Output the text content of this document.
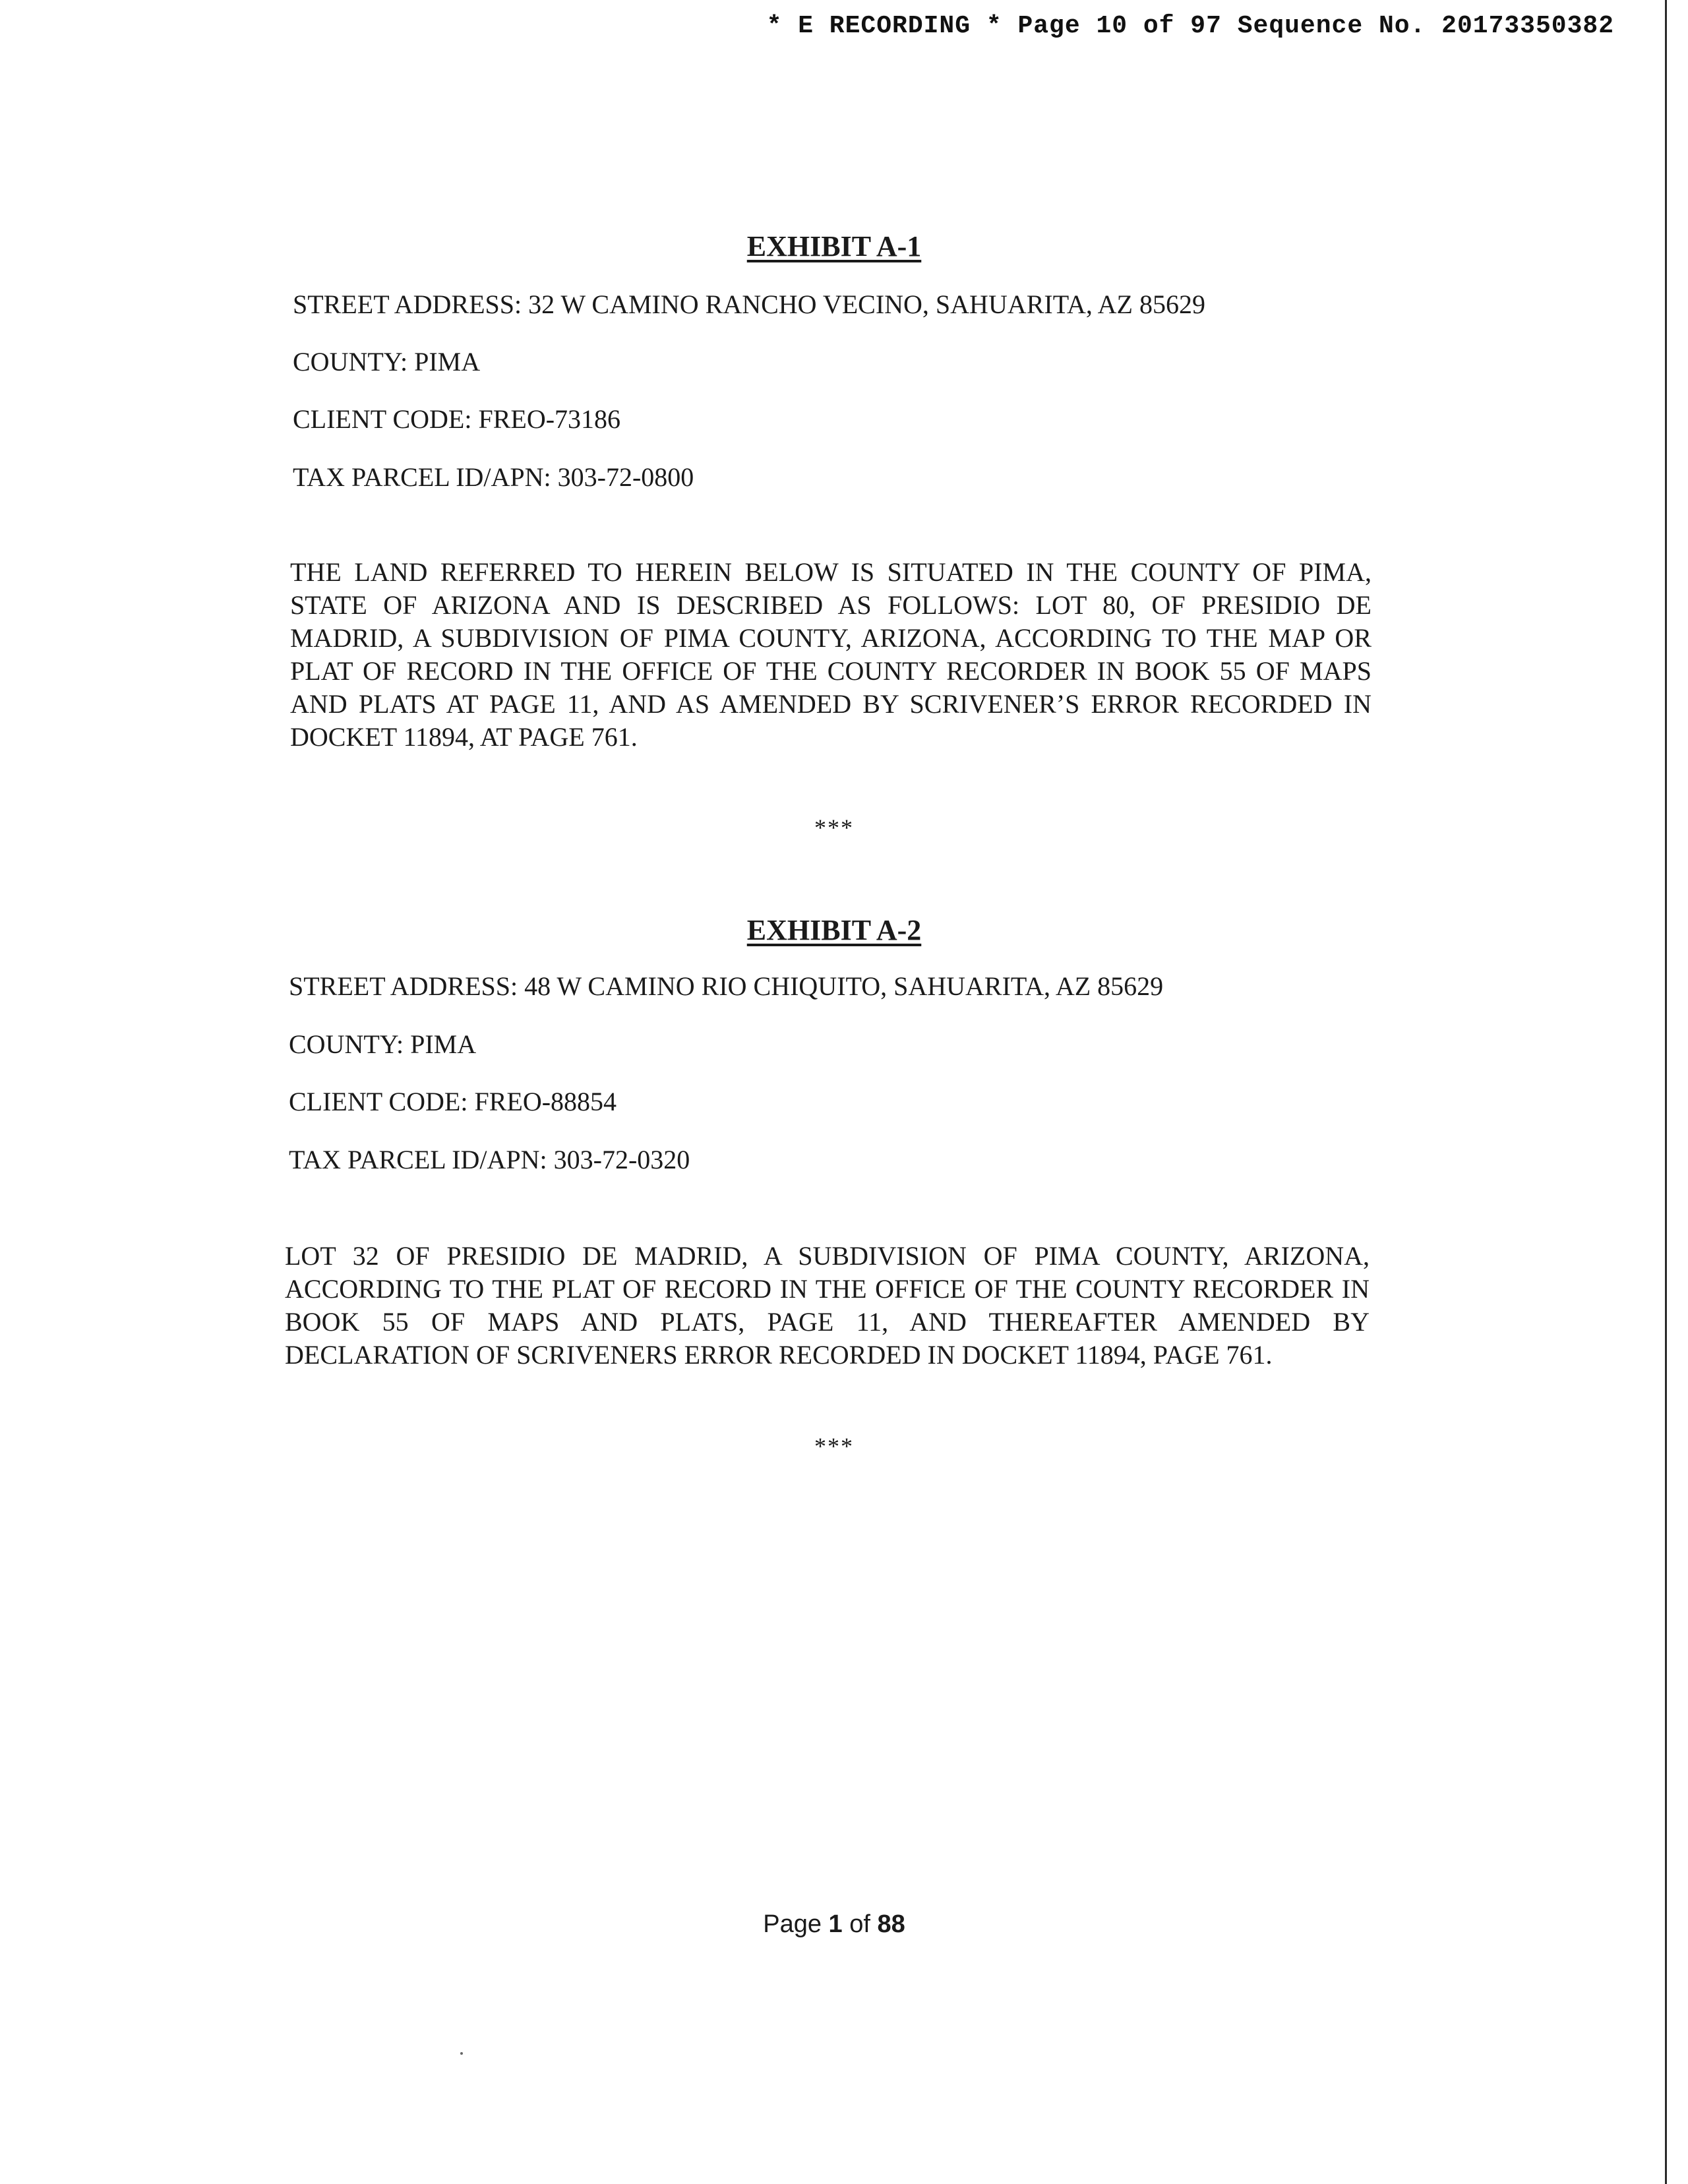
* E RECORDING * Page 10 of 97 Sequence No. 20173350382
EXHIBIT A-1
STREET ADDRESS: 32 W CAMINO RANCHO VECINO, SAHUARITA, AZ 85629
COUNTY: PIMA
CLIENT CODE: FREO-73186
TAX PARCEL ID/APN: 303-72-0800
THE LAND REFERRED TO HEREIN BELOW IS SITUATED IN THE COUNTY OF PIMA, STATE OF ARIZONA AND IS DESCRIBED AS FOLLOWS: LOT 80, OF PRESIDIO DE MADRID, A SUBDIVISION OF PIMA COUNTY, ARIZONA, ACCORDING TO THE MAP OR PLAT OF RECORD IN THE OFFICE OF THE COUNTY RECORDER IN BOOK 55 OF MAPS AND PLATS AT PAGE 11, AND AS AMENDED BY SCRIVENER’S ERROR RECORDED IN DOCKET 11894, AT PAGE 761.
***
EXHIBIT A-2
STREET ADDRESS: 48 W CAMINO RIO CHIQUITO, SAHUARITA, AZ 85629
COUNTY: PIMA
CLIENT CODE: FREO-88854
TAX PARCEL ID/APN: 303-72-0320
LOT 32 OF PRESIDIO DE MADRID, A SUBDIVISION OF PIMA COUNTY, ARIZONA, ACCORDING TO THE PLAT OF RECORD IN THE OFFICE OF THE COUNTY RECORDER IN BOOK 55 OF MAPS AND PLATS, PAGE 11, AND THEREAFTER AMENDED BY DECLARATION OF SCRIVENERS ERROR RECORDED IN DOCKET 11894, PAGE 761.
***
Page 1 of 88
